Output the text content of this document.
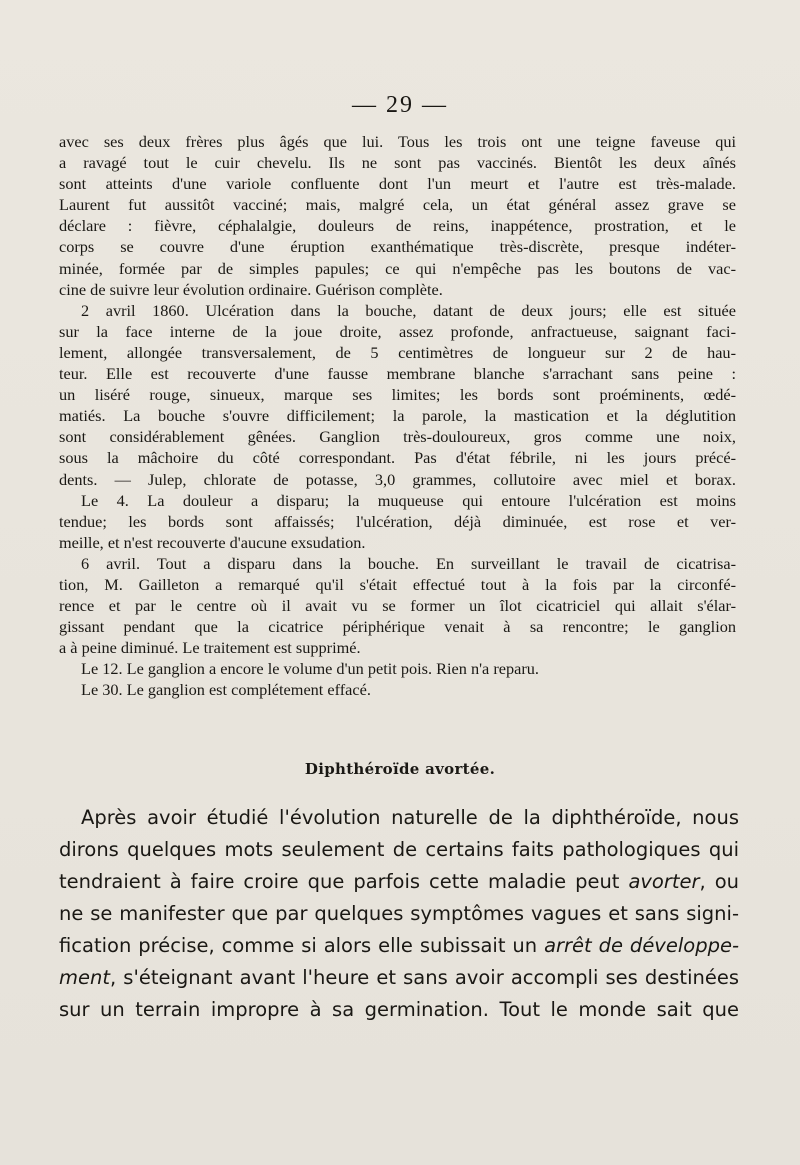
— 29 —
avec ses deux frères plus âgés que lui. Tous les trois ont une teigne faveuse qui
a ravagé tout le cuir chevelu. Ils ne sont pas vaccinés. Bientôt les deux aînés
sont atteints d'une variole confluente dont l'un meurt et l'autre est très-malade.
Laurent fut aussitôt vacciné; mais, malgré cela, un état général assez grave se
déclare : fièvre, céphalalgie, douleurs de reins, inappétence, prostration, et le
corps se couvre d'une éruption exanthématique très-discrète, presque indéter-
minée, formée par de simples papules; ce qui n'empêche pas les boutons de vac-
cine de suivre leur évolution ordinaire. Guérison complète.
2 avril 1860. Ulcération dans la bouche, datant de deux jours; elle est située
sur la face interne de la joue droite, assez profonde, anfractueuse, saignant faci-
lement, allongée transversalement, de 5 centimètres de longueur sur 2 de hau-
teur. Elle est recouverte d'une fausse membrane blanche s'arrachant sans peine :
un liséré rouge, sinueux, marque ses limites; les bords sont proéminents, œdé-
matiés. La bouche s'ouvre difficilement; la parole, la mastication et la déglutition
sont considérablement gênées. Ganglion très-douloureux, gros comme une noix,
sous la mâchoire du côté correspondant. Pas d'état fébrile, ni les jours précé-
dents. — Julep, chlorate de potasse, 3,0 grammes, collutoire avec miel et borax.
Le 4. La douleur a disparu; la muqueuse qui entoure l'ulcération est moins
tendue; les bords sont affaissés; l'ulcération, déjà diminuée, est rose et ver-
meille, et n'est recouverte d'aucune exsudation.
6 avril. Tout a disparu dans la bouche. En surveillant le travail de cicatrisa-
tion, M. Gailleton a remarqué qu'il s'était effectué tout à la fois par la circonfé-
rence et par le centre où il avait vu se former un îlot cicatriciel qui allait s'élar-
gissant pendant que la cicatrice périphérique venait à sa rencontre; le ganglion
a à peine diminué. Le traitement est supprimé.
Le 12. Le ganglion a encore le volume d'un petit pois. Rien n'a reparu.
Le 30. Le ganglion est complétement effacé.
Diphthéroïde avortée.
Après avoir étudié l'évolution naturelle de la diphthéroïde, nous
dirons quelques mots seulement de certains faits pathologiques qui
tendraient à faire croire que parfois cette maladie peut avorter, ou
ne se manifester que par quelques symptômes vagues et sans signi-
fication précise, comme si alors elle subissait un arrêt de développe-
ment, s'éteignant avant l'heure et sans avoir accompli ses destinées
sur un terrain impropre à sa germination. Tout le monde sait que
